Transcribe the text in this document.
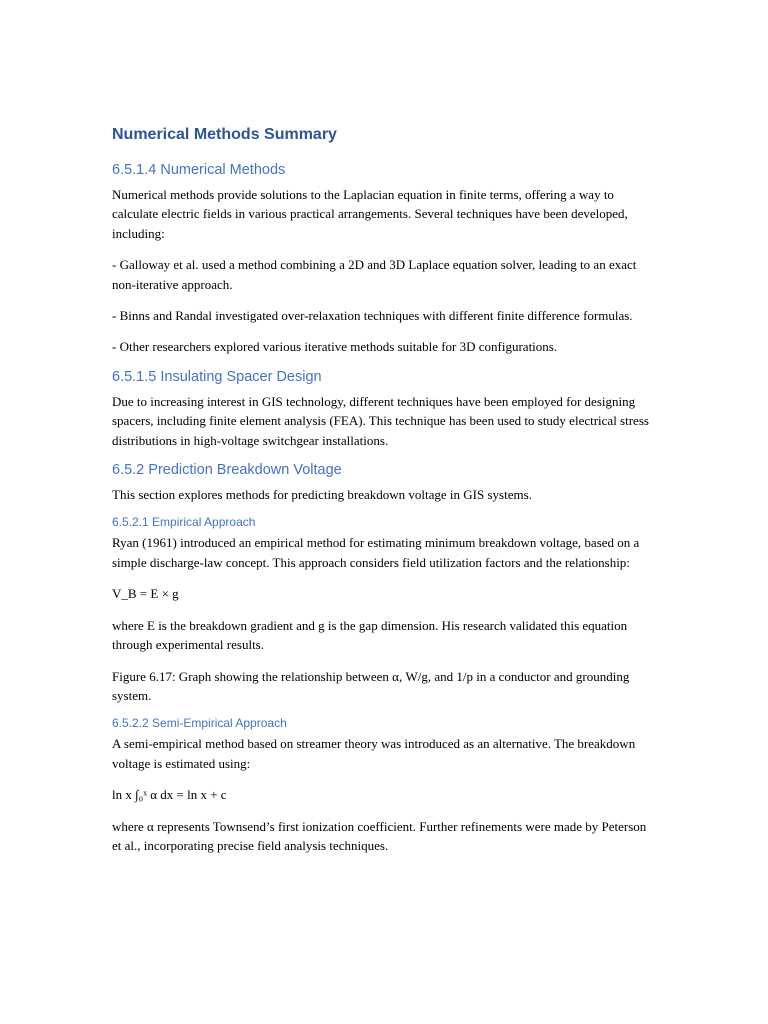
Numerical Methods Summary
6.5.1.4 Numerical Methods
Numerical methods provide solutions to the Laplacian equation in finite terms, offering a way to calculate electric fields in various practical arrangements. Several techniques have been developed, including:
- Galloway et al. used a method combining a 2D and 3D Laplace equation solver, leading to an exact non-iterative approach.
- Binns and Randal investigated over-relaxation techniques with different finite difference formulas.
- Other researchers explored various iterative methods suitable for 3D configurations.
6.5.1.5 Insulating Spacer Design
Due to increasing interest in GIS technology, different techniques have been employed for designing spacers, including finite element analysis (FEA). This technique has been used to study electrical stress distributions in high-voltage switchgear installations.
6.5.2 Prediction Breakdown Voltage
This section explores methods for predicting breakdown voltage in GIS systems.
6.5.2.1 Empirical Approach
Ryan (1961) introduced an empirical method for estimating minimum breakdown voltage, based on a simple discharge-law concept. This approach considers field utilization factors and the relationship:
V_B = E × g
where E is the breakdown gradient and g is the gap dimension. His research validated this equation through experimental results.
Figure 6.17: Graph showing the relationship between α, W/g, and 1/p in a conductor and grounding system.
6.5.2.2 Semi-Empirical Approach
A semi-empirical method based on streamer theory was introduced as an alternative. The breakdown voltage is estimated using:
ln x ∫₀ˣ α dx = ln x + c
where α represents Townsend’s first ionization coefficient. Further refinements were made by Peterson et al., incorporating precise field analysis techniques.
